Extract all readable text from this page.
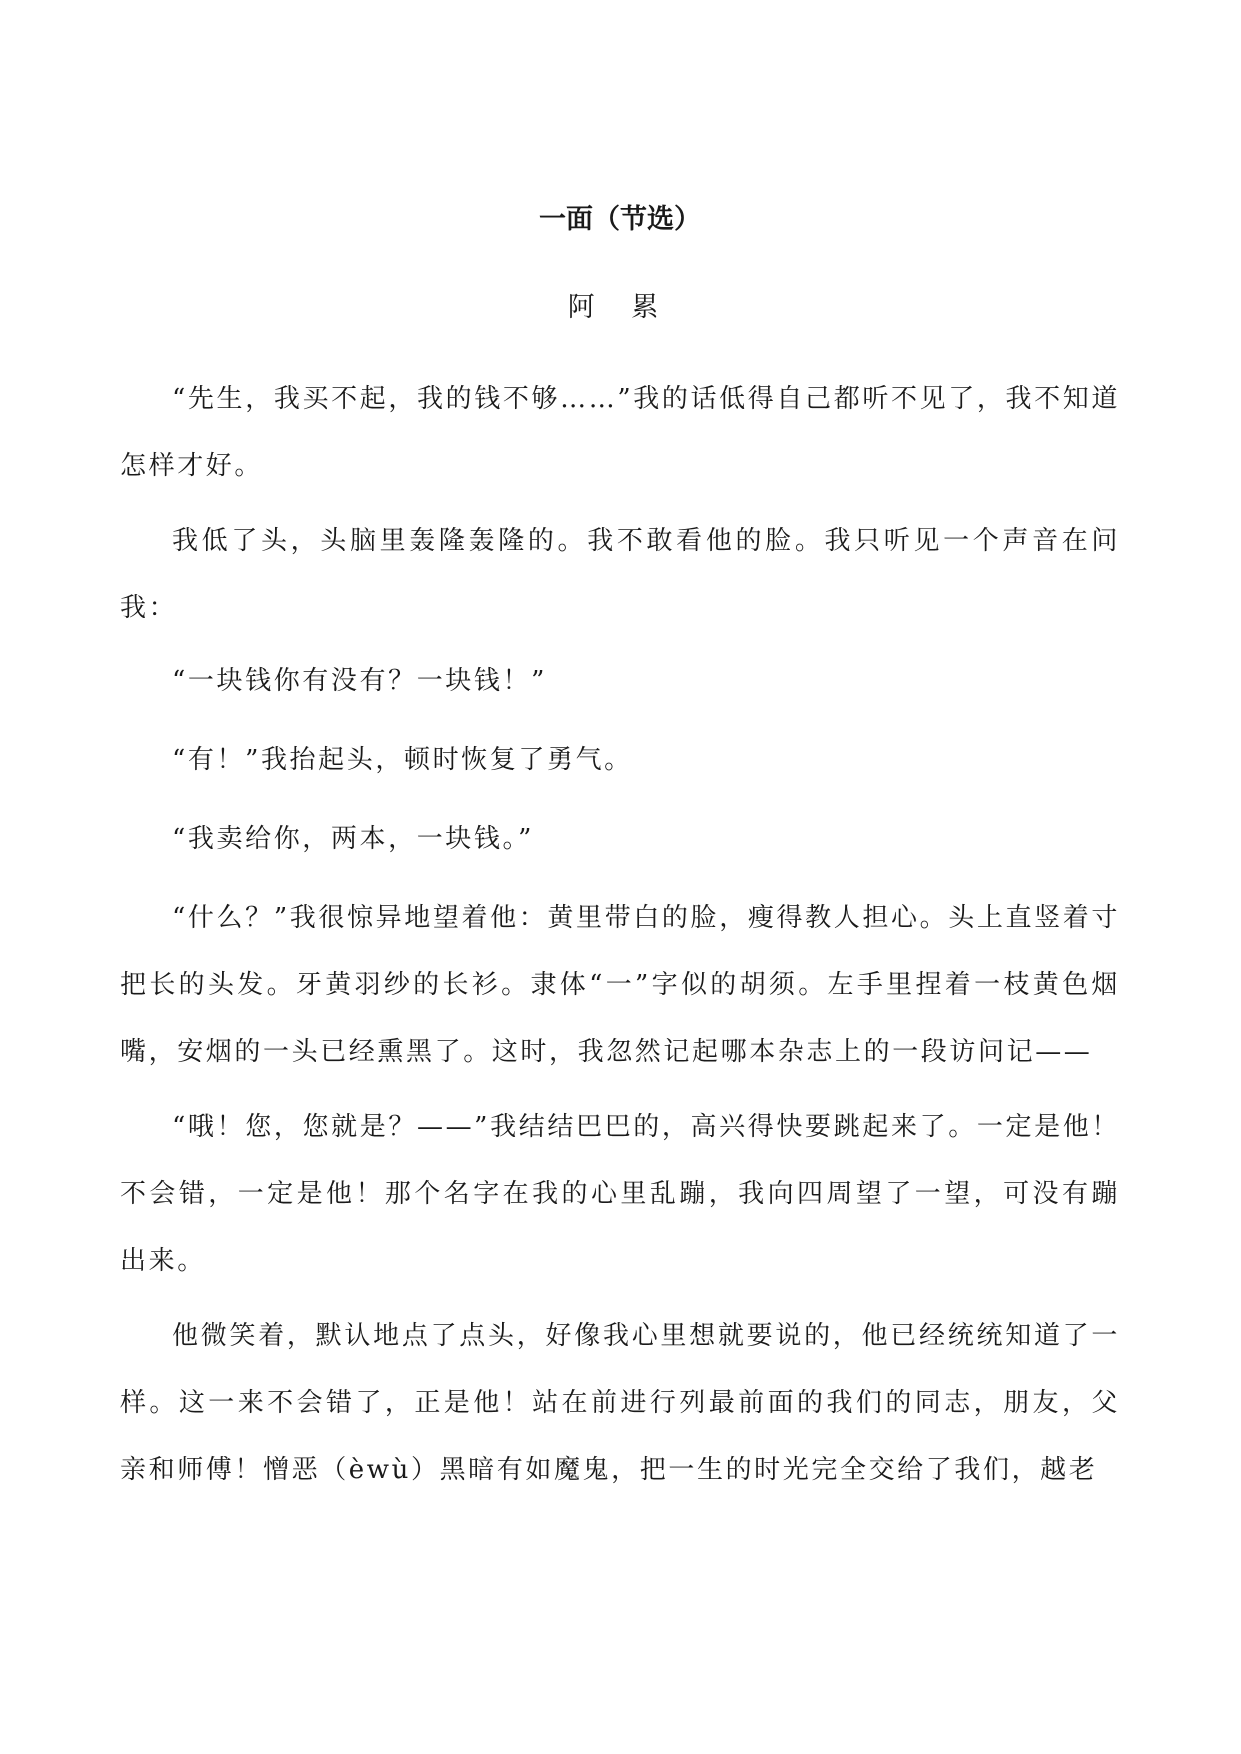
一面（节选）

阿 累

“先生，我买不起，我的钱不够……”我的话低得自己都听不见了，我不知道怎样才好。

我低了头，头脑里轰隆轰隆的。我不敢看他的脸。我只听见一个声音在问我：

“一块钱你有没有？一块钱！”

“有！”我抬起头，顿时恢复了勇气。

“我卖给你，两本，一块钱。”

“什么？”我很惊异地望着他：黄里带白的脸，瘦得教人担心。头上直竖着寸把长的头发。牙黄羽纱的长衫。隶体“一”字似的胡须。左手里捏着一枝黄色烟嘴，安烟的一头已经熏黑了。这时，我忽然记起哪本杂志上的一段访问记——

“哦！您，您就是？——”我结结巴巴的，高兴得快要跳起来了。一定是他！不会错，一定是他！那个名字在我的心里乱蹦，我向四周望了一望，可没有蹦出来。

他微笑着，默认地点了点头，好像我心里想就要说的，他已经统统知道了一样。这一来不会错了，正是他！站在前进行列最前面的我们的同志，朋友，父亲和师傅！憎恶（èwù）黑暗有如魔鬼，把一生的时光完全交给了我们，越老
